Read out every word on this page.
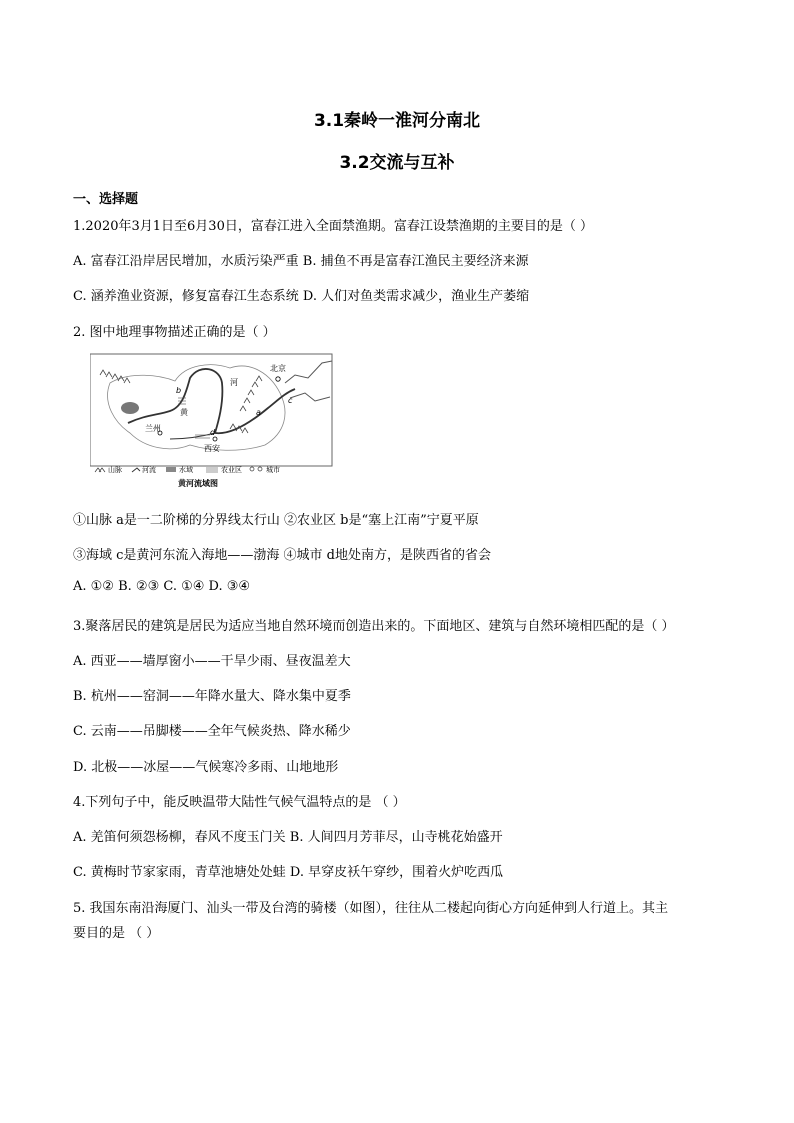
3.1秦岭一淮河分南北
3.2交流与互补
一、选择题
1.2020年3月1日至6月30日，富春江进入全面禁渔期。富春江设禁渔期的主要目的是（ ）
A. 富春江沿岸居民增加，水质污染严重 B. 捕鱼不再是富春江渔民主要经济来源
C. 涵养渔业资源，修复富春江生态系统 D. 人们对鱼类需求减少，渔业生产萎缩
2. 图中地理事物描述正确的是（ ）
北京
河
黄
兰州
西安
a
b
c
d
山脉	河流	水域	农业区	城市
黄河流域图
①山脉 a是一二阶梯的分界线太行山 ②农业区 b是“塞上江南”宁夏平原
③海域 c是黄河东流入海地——渤海 ④城市 d地处南方，是陕西省的省会
A. ①② B. ②③ C. ①④ D. ③④
3.聚落居民的建筑是居民为适应当地自然环境而创造出来的。下面地区、建筑与自然环境相匹配的是（ ）
A. 西亚——墙厚窗小——干旱少雨、昼夜温差大
B. 杭州——窑洞——年降水量大、降水集中夏季
C. 云南——吊脚楼——全年气候炎热、降水稀少
D. 北极——冰屋——气候寒冷多雨、山地地形
4.下列句子中，能反映温带大陆性气候气温特点的是 （ ）
A. 羌笛何须怨杨柳，春风不度玉门关 B. 人间四月芳菲尽，山寺桃花始盛开
C. 黄梅时节家家雨，青草池塘处处蛙 D. 早穿皮袄午穿纱，围着火炉吃西瓜
5. 我国东南沿海厦门、汕头一带及台湾的骑楼（如图），往往从二楼起向街心方向延伸到人行道上。其主
要目的是 （ ）
